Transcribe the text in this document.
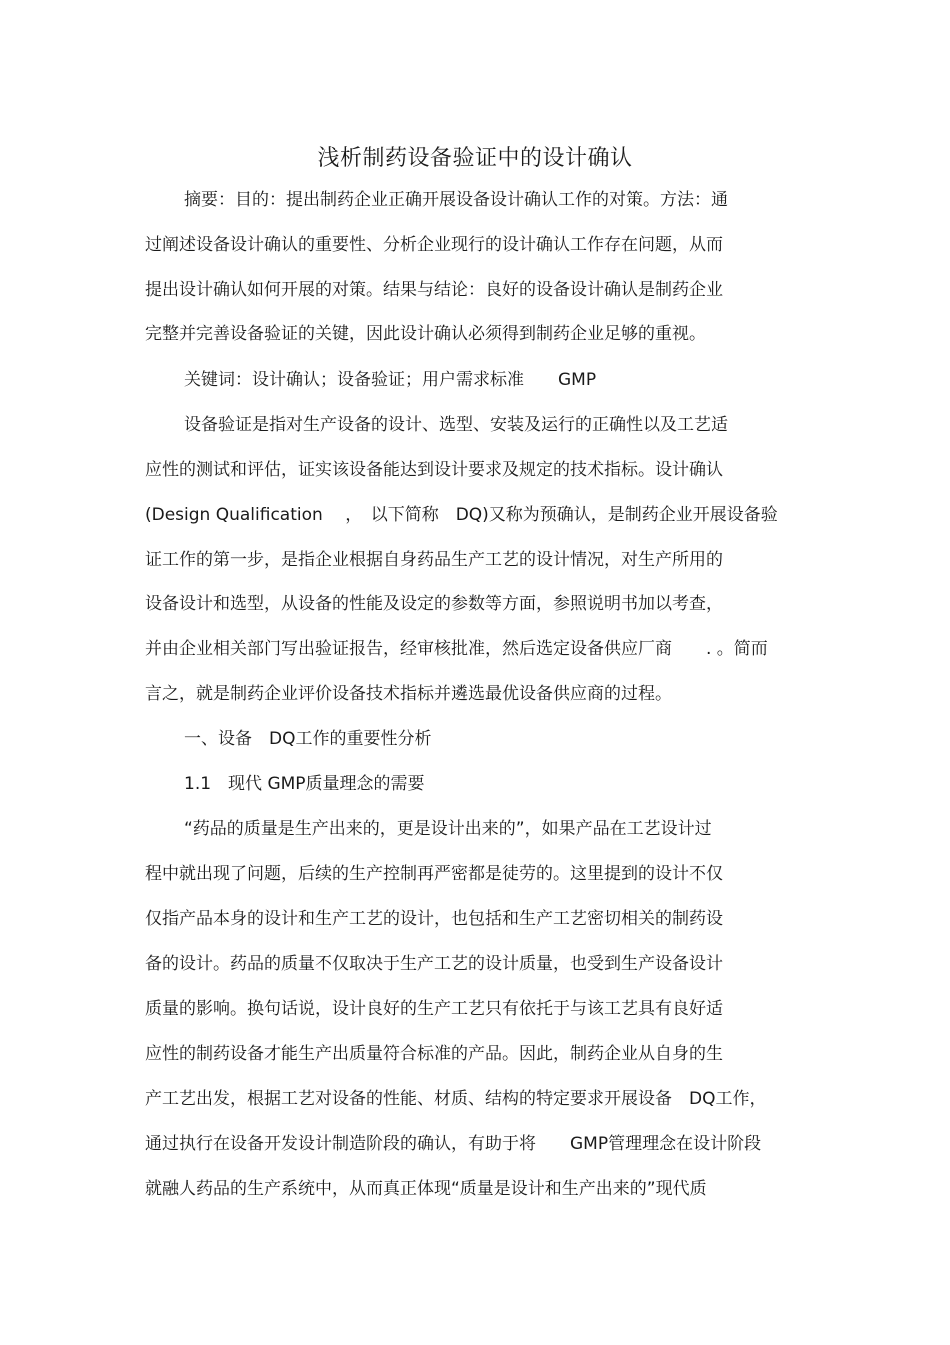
浅析制药设备验证中的设计确认

摘要：目的：提出制药企业正确开展设备设计确认工作的对策。方法：通

过阐述设备设计确认的重要性、分析企业现行的设计确认工作存在问题，从而

提出设计确认如何开展的对策。结果与结论：良好的设备设计确认是制药企业

完整并完善设备验证的关键，因此设计确认必须得到制药企业足够的重视。

关键词：设计确认；设备验证；用户需求标准　　GMP

设备验证是指对生产设备的设计、选型、安装及运行的正确性以及工艺适

应性的测试和评估，证实该设备能达到设计要求及规定的技术指标。设计确认

(Design Qualification　 ，　以下简称　DQ)又称为预确认，是制药企业开展设备验

证工作的第一步，是指企业根据自身药品生产工艺的设计情况，对生产所用的

设备设计和选型，从设备的性能及设定的参数等方面，参照说明书加以考查，

并由企业相关部门写出验证报告，经审核批准，然后选定设备供应厂商　　. 。简而

言之，就是制药企业评价设备技术指标并遴选最优设备供应商的过程。

一、设备　DQ工作的重要性分析

1.1　现代 GMP质量理念的需要

“药品的质量是生产出来的，更是设计出来的”，如果产品在工艺设计过

程中就出现了问题，后续的生产控制再严密都是徒劳的。这里提到的设计不仅

仅指产品本身的设计和生产工艺的设计，也包括和生产工艺密切相关的制药设

备的设计。药品的质量不仅取决于生产工艺的设计质量，也受到生产设备设计

质量的影响。换句话说，设计良好的生产工艺只有依托于与该工艺具有良好适

应性的制药设备才能生产出质量符合标准的产品。因此，制药企业从自身的生

产工艺出发，根据工艺对设备的性能、材质、结构的特定要求开展设备　DQ工作，

通过执行在设备开发设计制造阶段的确认，有助于将　　GMP管理理念在设计阶段

就融人药品的生产系统中，从而真正体现“质量是设计和生产出来的”现代质
